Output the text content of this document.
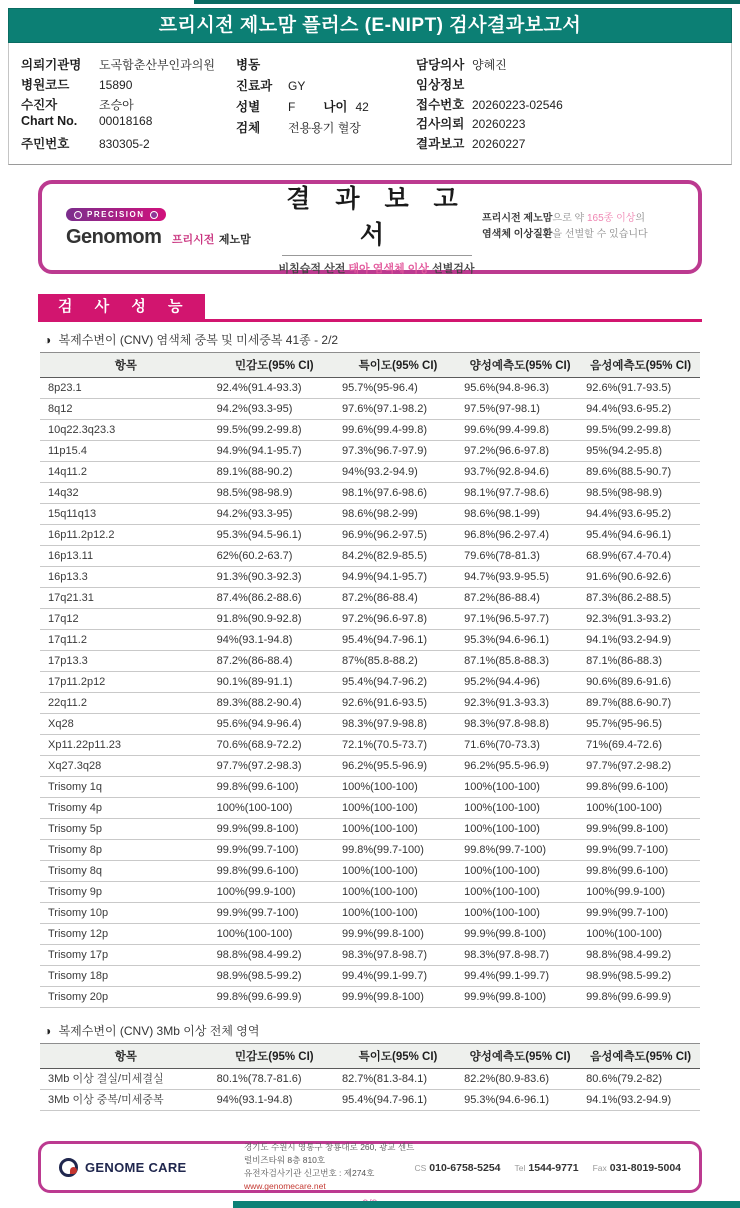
프리시전 제노맘 플러스 (E-NIPT) 검사결과보고서
의뢰기관명	도곡함춘산부인과의원
병원코드	15890
수진자	조승아
Chart No.	00018168
주민번호	830305-2
병동
진료과	GY
성별	F 나이 42
검체	전용용기 혈장
담당의사 양혜진
임상정보
접수번호 20260223-02546
검사의뢰 20260223
결과보고 20260227
PRECISION
Genomom 프리시전 제노맘
결 과 보 고 서
비침습적 산전 태아 염색체 이상 선별검사
프리시전 제노맘으로 약 165종 이상의
염색체 이상질환을 선별할 수 있습니다
검 사 성 능
◑ 복제수변이 (CNV) 염색체 중복 및 미세중복 41종 - 2/2
항목	민감도(95% CI)	특이도(95% CI)	양성예측도(95% CI)	음성예측도(95% CI)
8p23.1	92.4%(91.4-93.3)	95.7%(95-96.4)	95.6%(94.8-96.3)	92.6%(91.7-93.5)
8q12	94.2%(93.3-95)	97.6%(97.1-98.2)	97.5%(97-98.1)	94.4%(93.6-95.2)
10q22.3q23.3	99.5%(99.2-99.8)	99.6%(99.4-99.8)	99.6%(99.4-99.8)	99.5%(99.2-99.8)
11p15.4	94.9%(94.1-95.7)	97.3%(96.7-97.9)	97.2%(96.6-97.8)	95%(94.2-95.8)
14q11.2	89.1%(88-90.2)	94%(93.2-94.9)	93.7%(92.8-94.6)	89.6%(88.5-90.7)
14q32	98.5%(98-98.9)	98.1%(97.6-98.6)	98.1%(97.7-98.6)	98.5%(98-98.9)
15q11q13	94.2%(93.3-95)	98.6%(98.2-99)	98.6%(98.1-99)	94.4%(93.6-95.2)
16p11.2p12.2	95.3%(94.5-96.1)	96.9%(96.2-97.5)	96.8%(96.2-97.4)	95.4%(94.6-96.1)
16p13.11	62%(60.2-63.7)	84.2%(82.9-85.5)	79.6%(78-81.3)	68.9%(67.4-70.4)
16p13.3	91.3%(90.3-92.3)	94.9%(94.1-95.7)	94.7%(93.9-95.5)	91.6%(90.6-92.6)
17q21.31	87.4%(86.2-88.6)	87.2%(86-88.4)	87.2%(86-88.4)	87.3%(86.2-88.5)
17q12	91.8%(90.9-92.8)	97.2%(96.6-97.8)	97.1%(96.5-97.7)	92.3%(91.3-93.2)
17q11.2	94%(93.1-94.8)	95.4%(94.7-96.1)	95.3%(94.6-96.1)	94.1%(93.2-94.9)
17p13.3	87.2%(86-88.4)	87%(85.8-88.2)	87.1%(85.8-88.3)	87.1%(86-88.3)
17p11.2p12	90.1%(89-91.1)	95.4%(94.7-96.2)	95.2%(94.4-96)	90.6%(89.6-91.6)
22q11.2	89.3%(88.2-90.4)	92.6%(91.6-93.5)	92.3%(91.3-93.3)	89.7%(88.6-90.7)
Xq28	95.6%(94.9-96.4)	98.3%(97.9-98.8)	98.3%(97.8-98.8)	95.7%(95-96.5)
Xp11.22p11.23	70.6%(68.9-72.2)	72.1%(70.5-73.7)	71.6%(70-73.3)	71%(69.4-72.6)
Xq27.3q28	97.7%(97.2-98.3)	96.2%(95.5-96.9)	96.2%(95.5-96.9)	97.7%(97.2-98.2)
Trisomy 1q	99.8%(99.6-100)	100%(100-100)	100%(100-100)	99.8%(99.6-100)
Trisomy 4p	100%(100-100)	100%(100-100)	100%(100-100)	100%(100-100)
Trisomy 5p	99.9%(99.8-100)	100%(100-100)	100%(100-100)	99.9%(99.8-100)
Trisomy 8p	99.9%(99.7-100)	99.8%(99.7-100)	99.8%(99.7-100)	99.9%(99.7-100)
Trisomy 8q	99.8%(99.6-100)	100%(100-100)	100%(100-100)	99.8%(99.6-100)
Trisomy 9p	100%(99.9-100)	100%(100-100)	100%(100-100)	100%(99.9-100)
Trisomy 10p	99.9%(99.7-100)	100%(100-100)	100%(100-100)	99.9%(99.7-100)
Trisomy 12p	100%(100-100)	99.9%(99.8-100)	99.9%(99.8-100)	100%(100-100)
Trisomy 17p	98.8%(98.4-99.2)	98.3%(97.8-98.7)	98.3%(97.8-98.7)	98.8%(98.4-99.2)
Trisomy 18p	98.9%(98.5-99.2)	99.4%(99.1-99.7)	99.4%(99.1-99.7)	98.9%(98.5-99.2)
Trisomy 20p	99.8%(99.6-99.9)	99.9%(99.8-100)	99.9%(99.8-100)	99.8%(99.6-99.9)
◑ 복제수변이 (CNV) 3Mb 이상 전체 영역
항목	민감도(95% CI)	특이도(95% CI)	양성예측도(95% CI)	음성예측도(95% CI)
3Mb 이상 결실/미세결실	80.1%(78.7-81.6)	82.7%(81.3-84.1)	82.2%(80.9-83.6)	80.6%(79.2-82)
3Mb 이상 중복/미세중복	94%(93.1-94.8)	95.4%(94.7-96.1)	95.3%(94.6-96.1)	94.1%(93.2-94.9)
GENOME CARE
경기도 수원시 영통구 창룡대로 260, 광교 센트럴비즈타워 8층 810호
유전자검사기관 신고번호 : 제274호
www.genomecare.net
CS 010-6758-5254 Tel 1544-9771 Fax 031-8019-5004
